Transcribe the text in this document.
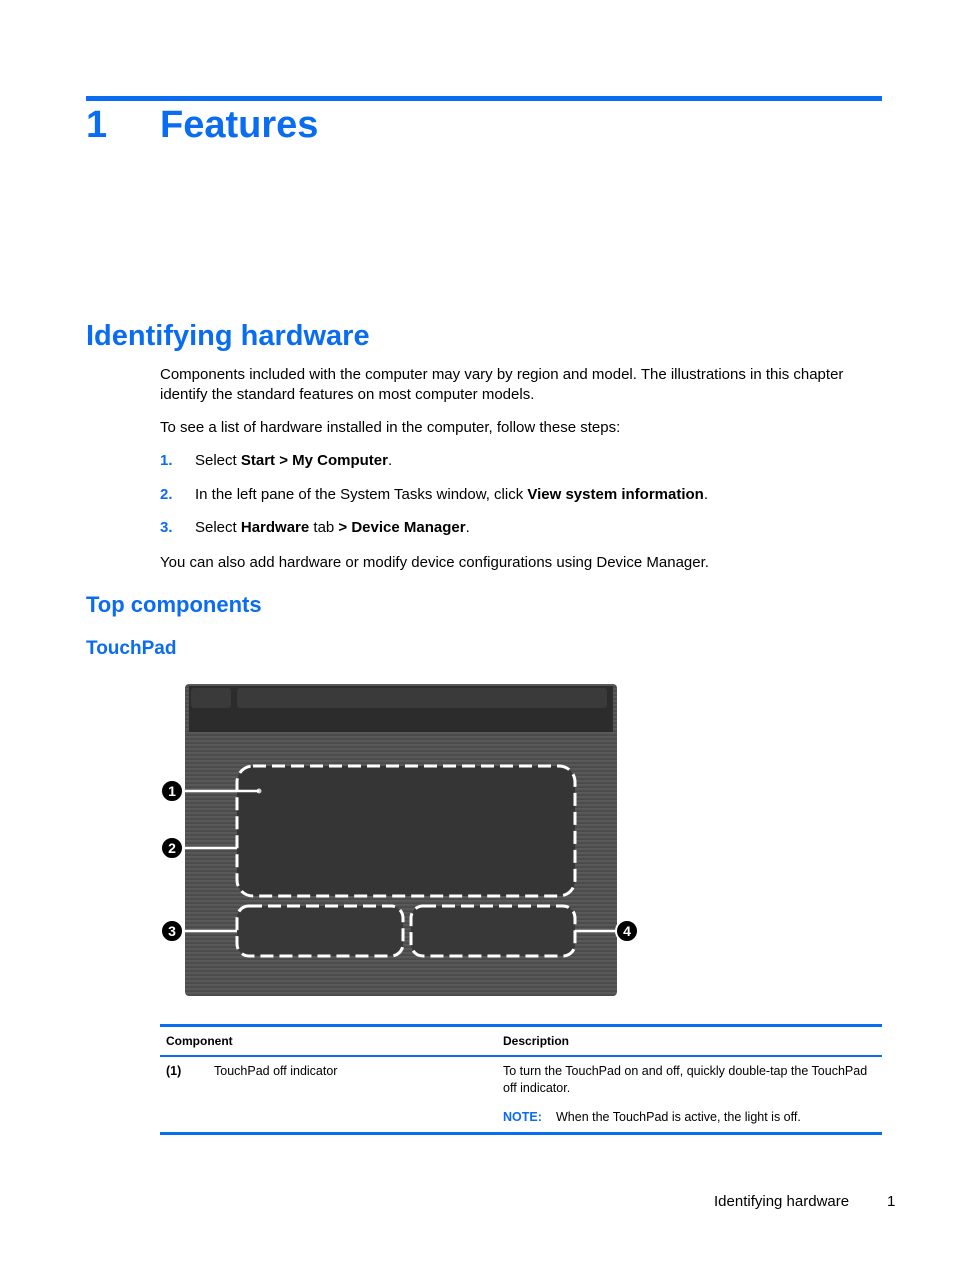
1 Features
Identifying hardware
Components included with the computer may vary by region and model. The illustrations in this chapter identify the standard features on most computer models.
To see a list of hardware installed in the computer, follow these steps:
1. Select Start > My Computer.
2. In the left pane of the System Tasks window, click View system information.
3. Select Hardware tab > Device Manager.
You can also add hardware or modify device configurations using Device Manager.
Top components
TouchPad
1
2
3	4
Component	Description
(1)	TouchPad off indicator	To turn the TouchPad on and off, quickly double-tap the TouchPad off indicator.
NOTE: When the TouchPad is active, the light is off.
Identifying hardware	1
